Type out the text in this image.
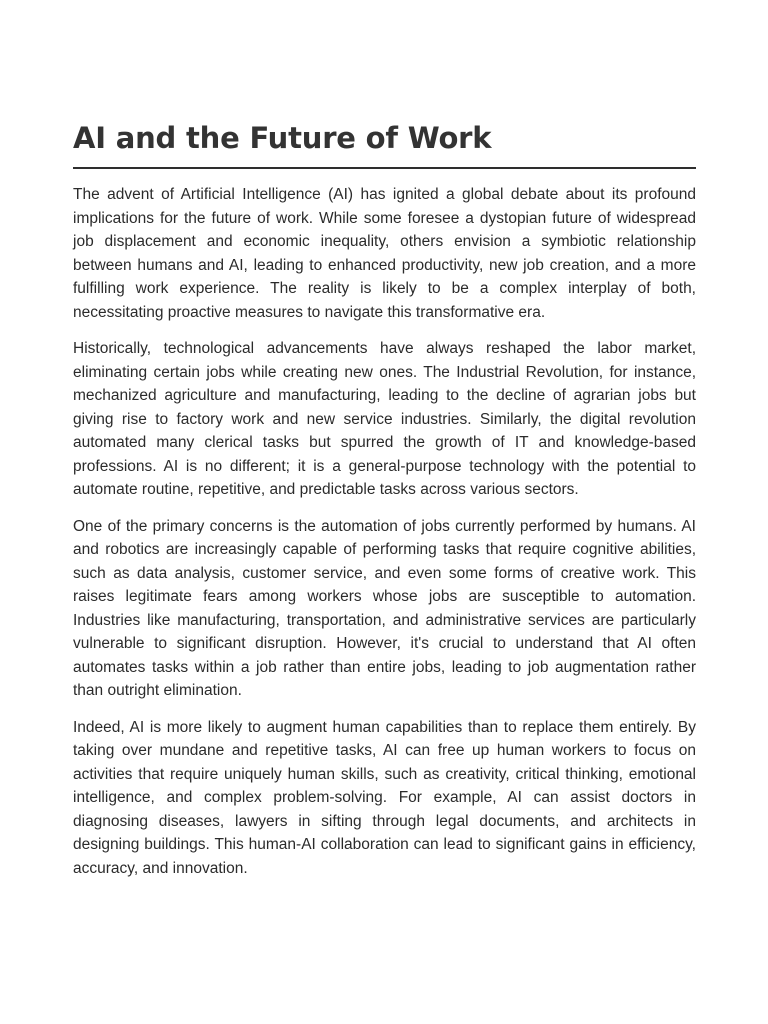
AI and the Future of Work

The advent of Artificial Intelligence (AI) has ignited a global debate about its profound implications for the future of work. While some foresee a dystopian future of widespread job displacement and economic inequality, others envision a symbiotic relationship between humans and AI, leading to enhanced productivity, new job creation, and a more fulfilling work experience. The reality is likely to be a complex interplay of both, necessitating proactive measures to navigate this transformative era.

Historically, technological advancements have always reshaped the labor market, eliminating certain jobs while creating new ones. The Industrial Revolution, for instance, mechanized agriculture and manufacturing, leading to the decline of agrarian jobs but giving rise to factory work and new service industries. Similarly, the digital revolution automated many clerical tasks but spurred the growth of IT and knowledge-based professions. AI is no different; it is a general-purpose technology with the potential to automate routine, repetitive, and predictable tasks across various sectors.

One of the primary concerns is the automation of jobs currently performed by humans. AI and robotics are increasingly capable of performing tasks that require cognitive abilities, such as data analysis, customer service, and even some forms of creative work. This raises legitimate fears among workers whose jobs are susceptible to automation. Industries like manufacturing, transportation, and administrative services are particularly vulnerable to significant disruption. However, it's crucial to understand that AI often automates tasks within a job rather than entire jobs, leading to job augmentation rather than outright elimination.

Indeed, AI is more likely to augment human capabilities than to replace them entirely. By taking over mundane and repetitive tasks, AI can free up human workers to focus on activities that require uniquely human skills, such as creativity, critical thinking, emotional intelligence, and complex problem-solving. For example, AI can assist doctors in diagnosing diseases, lawyers in sifting through legal documents, and architects in designing buildings. This human-AI collaboration can lead to significant gains in efficiency, accuracy, and innovation.
